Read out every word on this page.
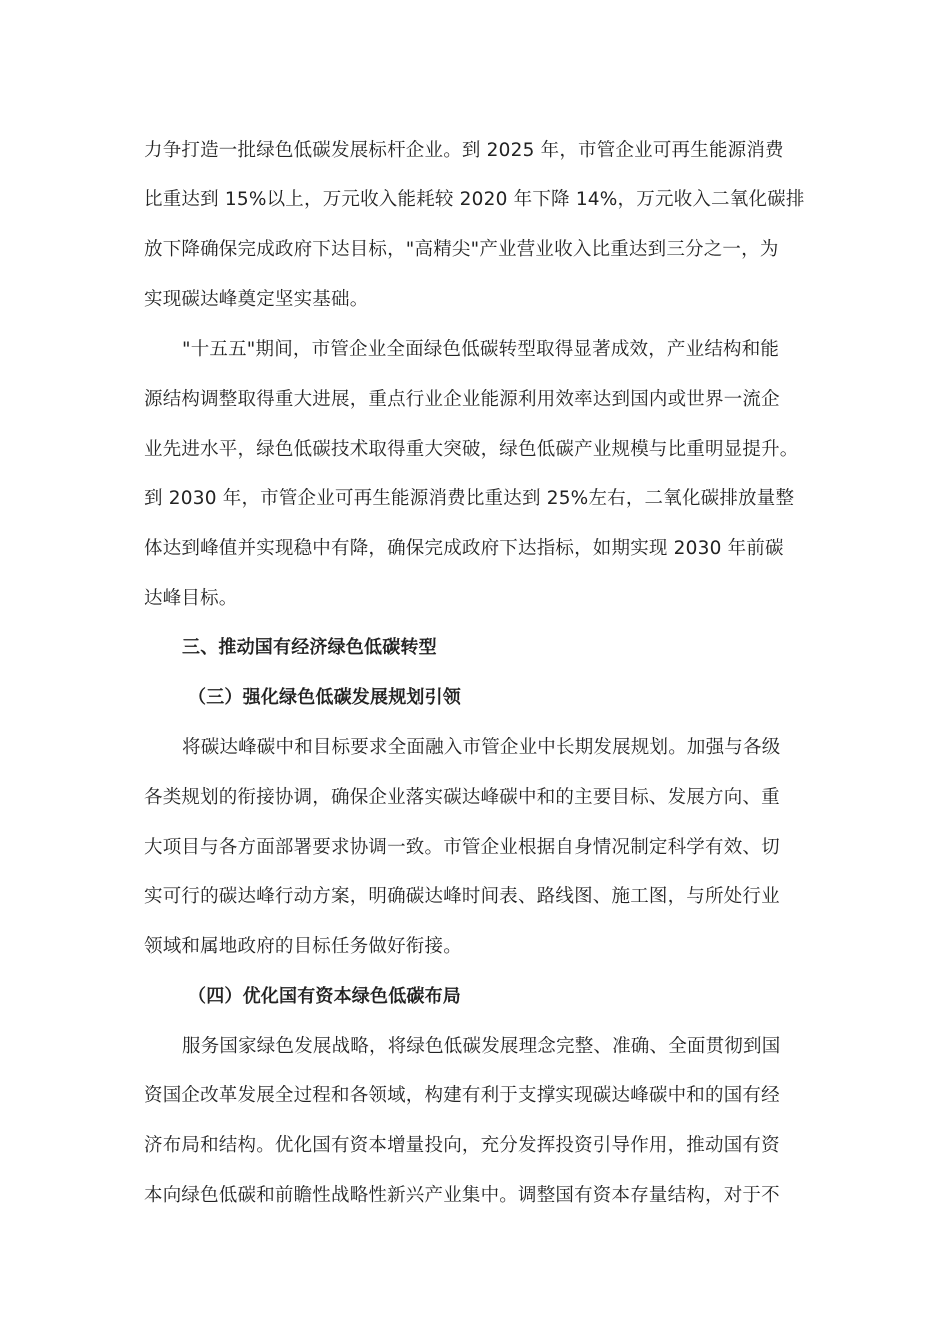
力争打造一批绿色低碳发展标杆企业。到 2025 年，市管企业可再生能源消费
比重达到 15%以上，万元收入能耗较 2020 年下降 14%，万元收入二氧化碳排
放下降确保完成政府下达目标，"高精尖"产业营业收入比重达到三分之一，为
实现碳达峰奠定坚实基础。
"十五五"期间，市管企业全面绿色低碳转型取得显著成效，产业结构和能
源结构调整取得重大进展，重点行业企业能源利用效率达到国内或世界一流企
业先进水平，绿色低碳技术取得重大突破，绿色低碳产业规模与比重明显提升。
到 2030 年，市管企业可再生能源消费比重达到 25%左右，二氧化碳排放量整
体达到峰值并实现稳中有降，确保完成政府下达指标，如期实现 2030 年前碳
达峰目标。
三、推动国有经济绿色低碳转型
（三）强化绿色低碳发展规划引领
将碳达峰碳中和目标要求全面融入市管企业中长期发展规划。加强与各级
各类规划的衔接协调，确保企业落实碳达峰碳中和的主要目标、发展方向、重
大项目与各方面部署要求协调一致。市管企业根据自身情况制定科学有效、切
实可行的碳达峰行动方案，明确碳达峰时间表、路线图、施工图，与所处行业
领域和属地政府的目标任务做好衔接。
（四）优化国有资本绿色低碳布局
服务国家绿色发展战略，将绿色低碳发展理念完整、准确、全面贯彻到国
资国企改革发展全过程和各领域，构建有利于支撑实现碳达峰碳中和的国有经
济布局和结构。优化国有资本增量投向，充分发挥投资引导作用，推动国有资
本向绿色低碳和前瞻性战略性新兴产业集中。调整国有资本存量结构，对于不
